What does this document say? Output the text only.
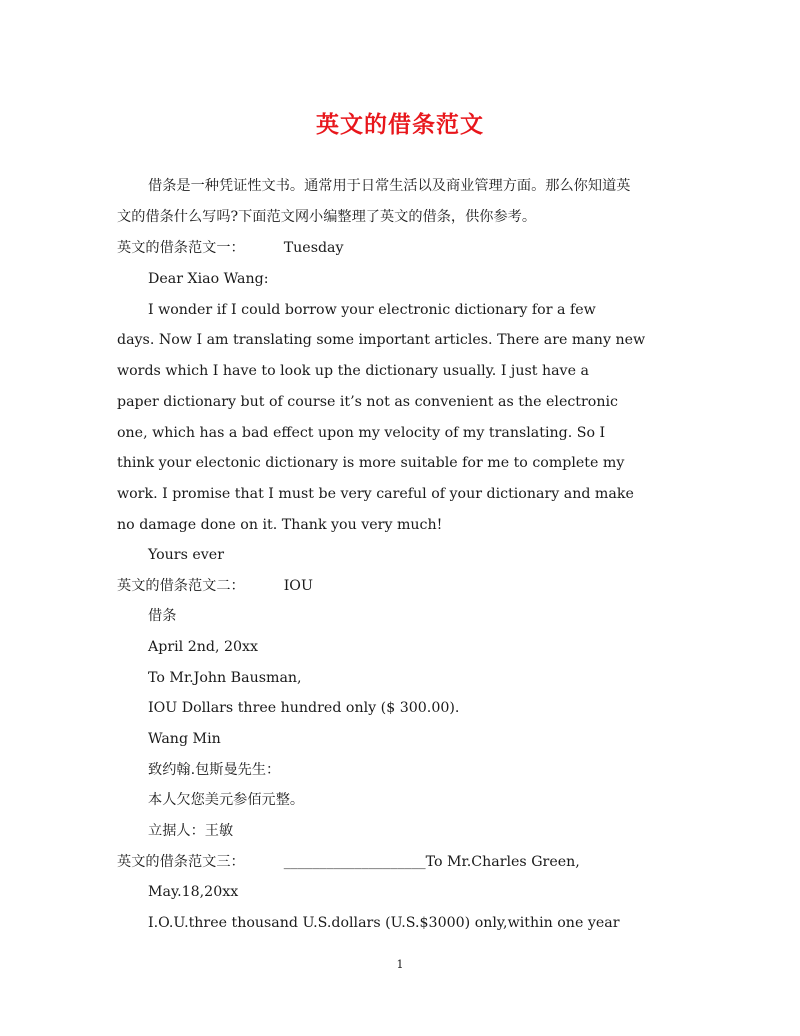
英文的借条范文
借条是一种凭证性文书。通常用于日常生活以及商业管理方面。那么你知道英
文的借条什么写吗?下面范文网小编整理了英文的借条，供你参考。
英文的借条范文一：	Tuesday
Dear Xiao Wang:
I wonder if I could borrow your electronic dictionary for a few
days. Now I am translating some important articles. There are many new
words which I have to look up the dictionary usually. I just have a
paper dictionary but of course it’s not as convenient as the electronic
one, which has a bad effect upon my velocity of my translating. So I
think your electonic dictionary is more suitable for me to complete my
work. I promise that I must be very careful of your dictionary and make
no damage done on it. Thank you very much!
Yours ever
英文的借条范文二：	IOU
借条
April 2nd, 20xx
To Mr.John Bausman,
IOU Dollars three hundred only ($ 300.00).
Wang Min
致约翰.包斯曼先生：
本人欠您美元参佰元整。
立据人：王敏
英文的借条范文三：	____________________To Mr.Charles Green,
May.18,20xx
I.O.U.three thousand U.S.dollars (U.S.$3000) only,within one year
1
